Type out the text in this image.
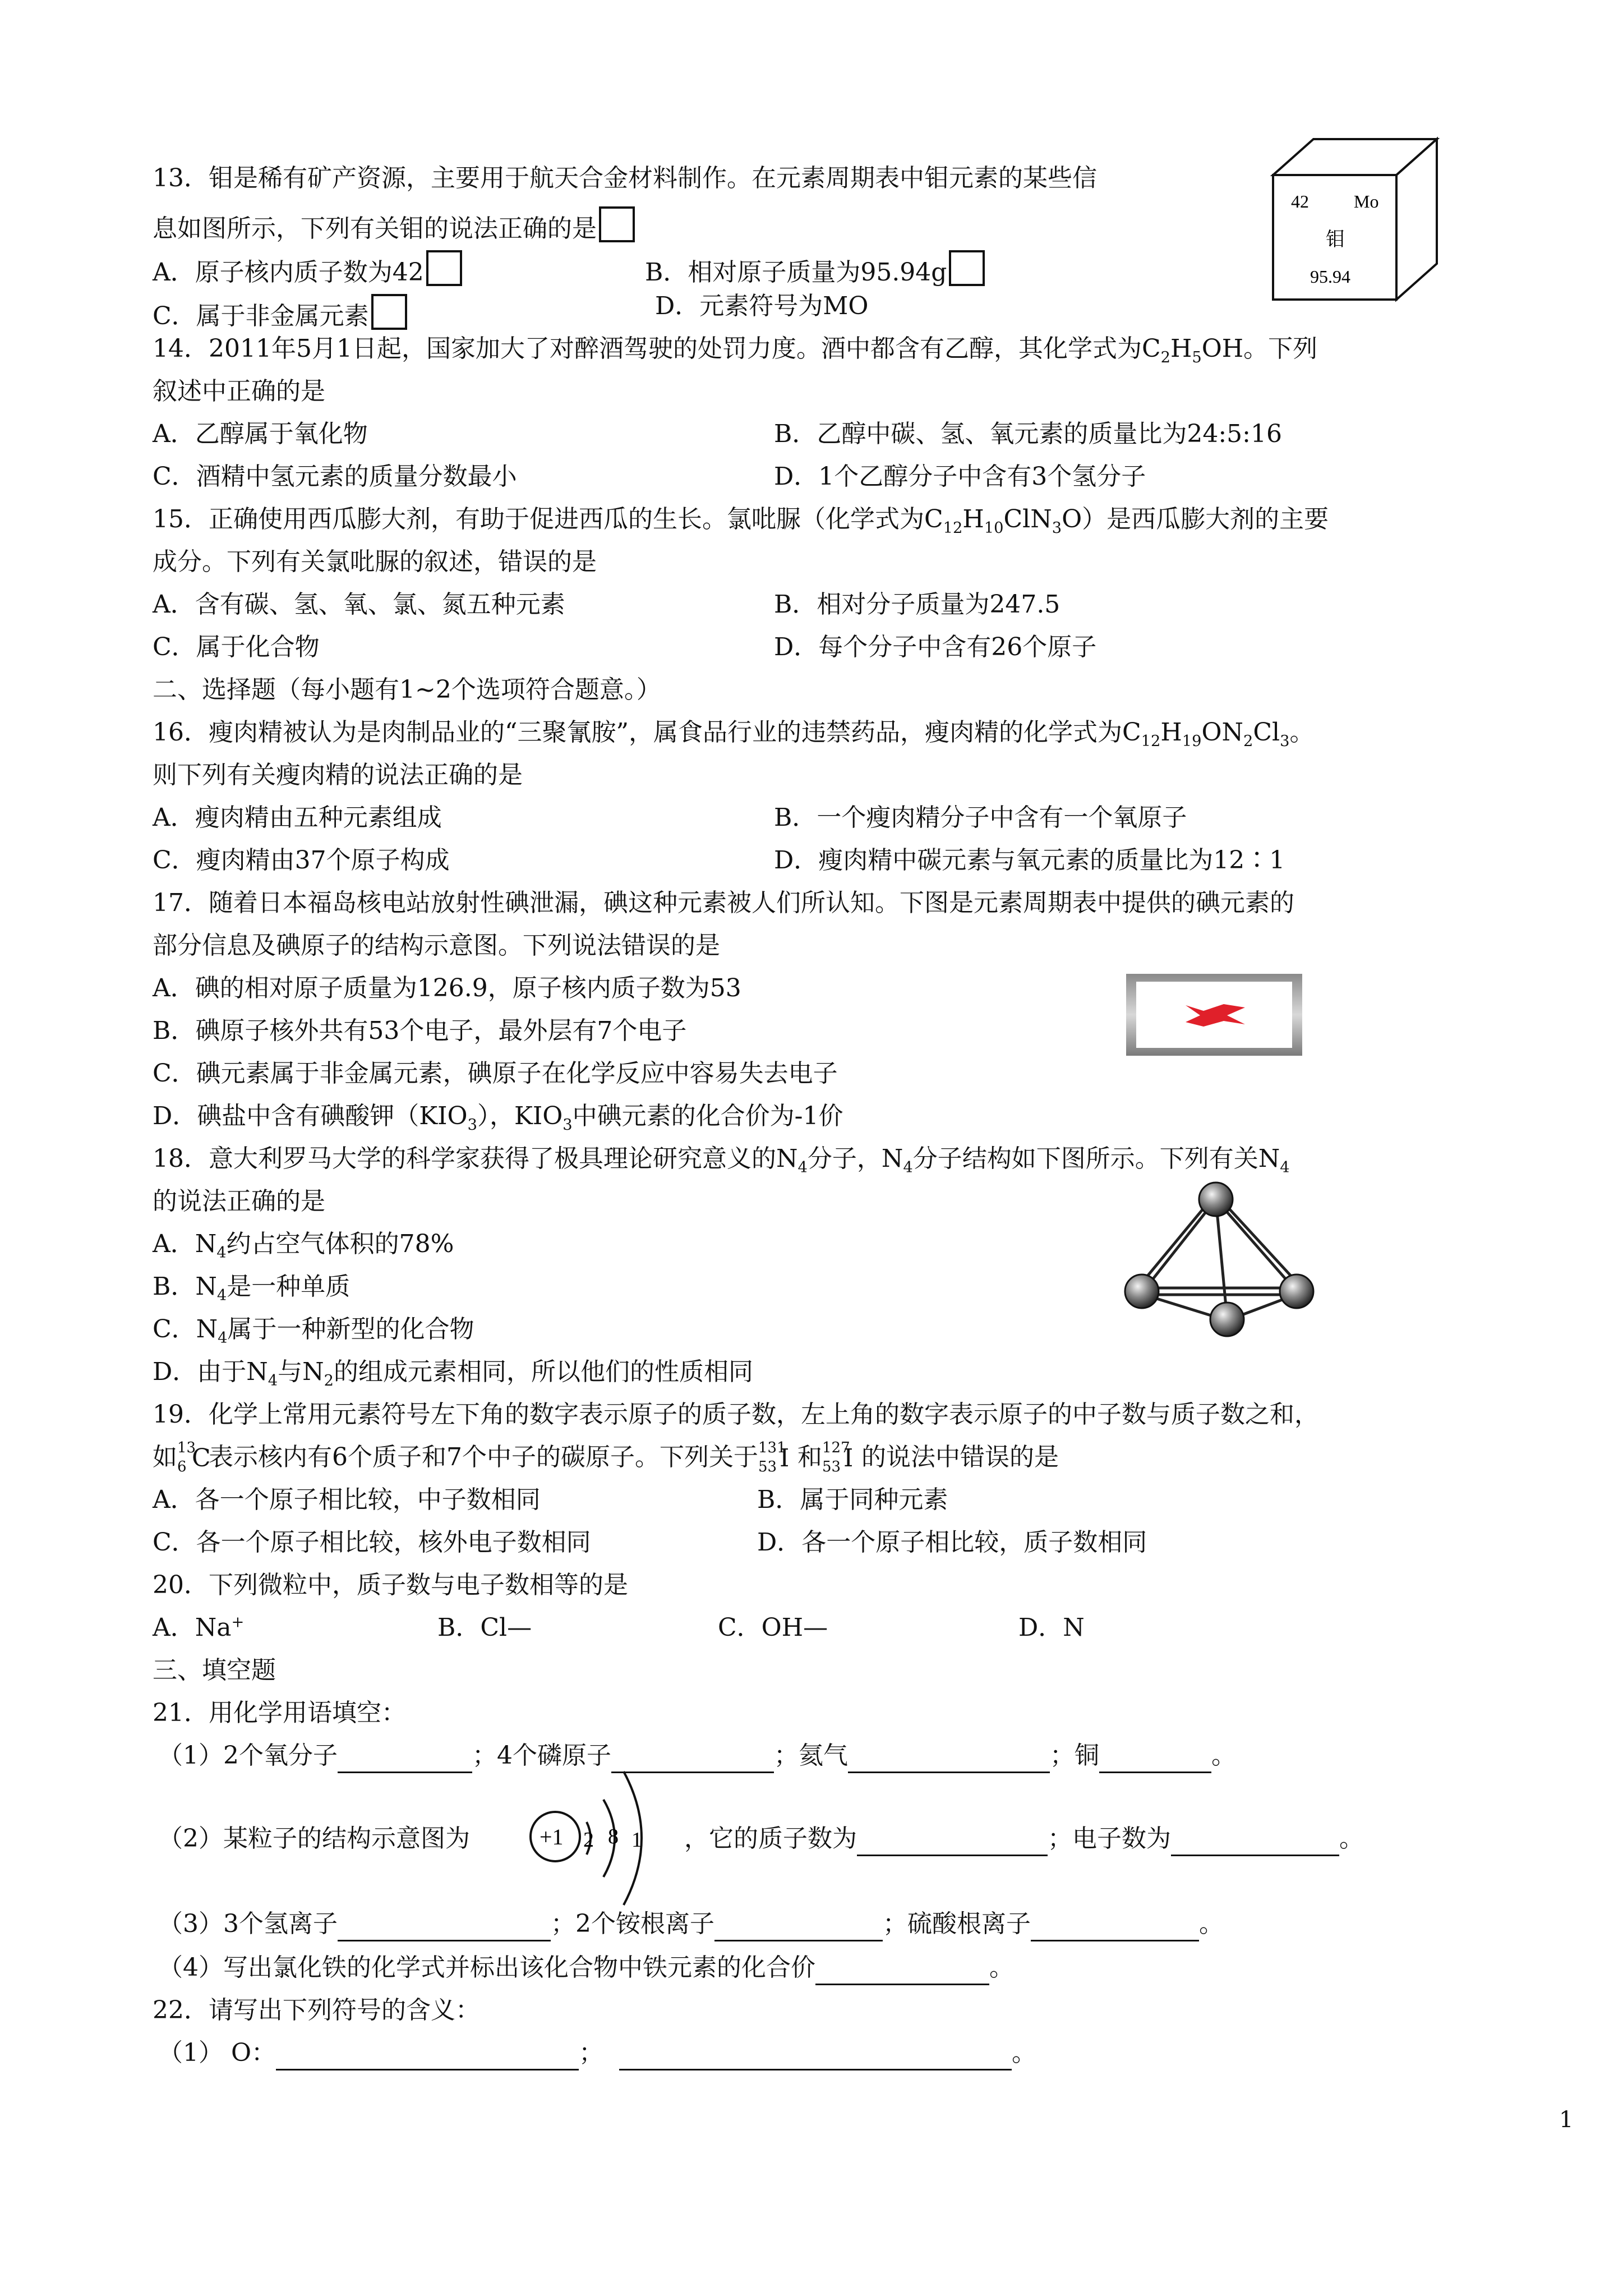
13．钼是稀有矿产资源，主要用于航天合金材料制作。在元素周期表中钼元素的某些信
息如图所示，下列有关钼的说法正确的是
A．原子核内质子数为42	B．相对原子质量为95.94g
C．属于非金属元素	D．元素符号为MO
42	Mo
钼
95.94
14．2011年5月1日起，国家加大了对醉酒驾驶的处罚力度。酒中都含有乙醇，其化学式为$C_2H_5OH$。下列
叙述中正确的是
A．乙醇属于氧化物	B．乙醇中碳、氢、氧元素的质量比为24:5:16
C．酒精中氢元素的质量分数最小	D．1个乙醇分子中含有3个氢分子
15．正确使用西瓜膨大剂，有助于促进西瓜的生长。氯吡脲（化学式为$C_{12}H_{10}ClN_3O$）是西瓜膨大剂的主要
成分。下列有关氯吡脲的叙述，错误的是
A．含有碳、氢、氧、氯、氮五种元素	B．相对分子质量为247.5
C．属于化合物	D．每个分子中含有26个原子
二、选择题（每小题有1~2个选项符合题意。）
16．瘦肉精被认为是肉制品业的“三聚氰胺”，属食品行业的违禁药品，瘦肉精的化学式为$C_{12}H_{19}ON_2Cl_3$。
则下列有关瘦肉精的说法正确的是
A．瘦肉精由五种元素组成	B．一个瘦肉精分子中含有一个氧原子
C．瘦肉精由37个原子构成	D．瘦肉精中碳元素与氧元素的质量比为12∶1
17．随着日本福岛核电站放射性碘泄漏，碘这种元素被人们所认知。下图是元素周期表中提供的碘元素的
部分信息及碘原子的结构示意图。下列说法错误的是
A．碘的相对原子质量为126.9，原子核内质子数为53
B．碘原子核外共有53个电子，最外层有7个电子
C．碘元素属于非金属元素，碘原子在化学反应中容易失去电子
D．碘盐中含有碘酸钾$(KIO_3)$，$KIO_3$中碘元素的化合价为-1价
18．意大利罗马大学的科学家获得了极具理论研究意义的$N_4$分子，$N_4$分子结构如下图所示。下列有关$N_4$
的说法正确的是
A．$N_4$约占空气体积的78%
B．$N_4$是一种单质
C．$N_4$属于一种新型的化合物
D．由于$N_4$与$N_2$的组成元素相同，所以他们的性质相同
19．化学上常用元素符号左下角的数字表示原子的质子数，左上角的数字表示原子的中子数与质子数之和，
如 13
6 C
表示核内有6个质子和7个中子的碳原子。下列关于 131
53 I 和 127
53 I 的说法中错误的是
A．各一个原子相比较，中子数相同	B．属于同种元素
C．各一个原子相比较，核外电子数相同	D．各一个原子相比较，质子数相同
20．下列微粒中，质子数与电子数相等的是
A．Na+	B．Cl—	C．OH—	D．N
三、填空题
21．用化学用语填空：
（1）2个氧分子	；4个磷原子	；氦气	；铜	。
（2）某粒子的结构示意图为	+1 2 8 1 ，它的质子数为	；电子数为	。
（3）3个氢离子	；2个铵根离子	；硫酸根离子	。
（4）写出氯化铁的化学式并标出该化合物中铁元素的化合价	。
22．请写出下列符号的含义：
（1） O：	；	。
1
